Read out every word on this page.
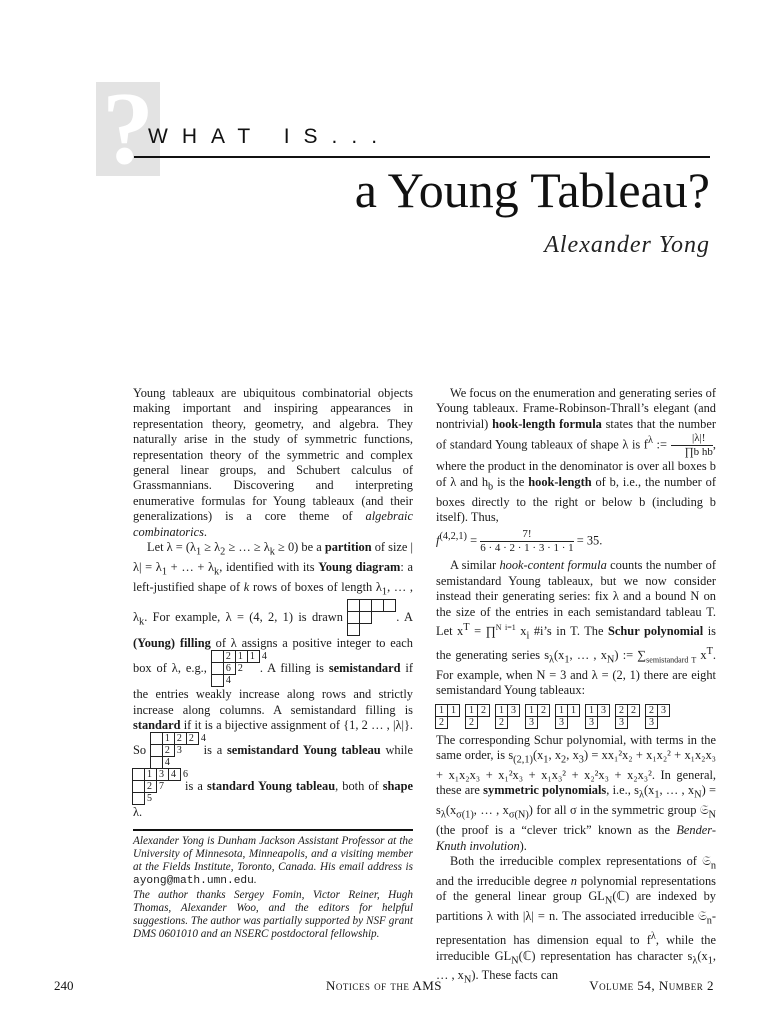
?
WHAT IS...
a Young Tableau?
Alexander Yong

Young tableaux are ubiquitous combinatorial objects making important and inspiring appearances in representation theory, geometry, and algebra. They naturally arise in the study of symmetric functions, representation theory of the symmetric and complex general linear groups, and Schubert calculus of Grassmannians. Discovering and interpreting enumerative formulas for Young tableaux (and their generalizations) is a core theme of algebraic combinatorics.

Let $\lambda = (\lambda_1 \ge \lambda_2$ ≥ … ≥ $\lambda_k \ge 0$) be a partition of size $|\lambda| = \lambda_1$ + … + $\lambda_k$, identified with its Young diagram: a left-justified shape of k rows of boxes of length $\lambda_1$, … , $\lambda_k$. For example, λ = (4, 2, 1) is drawn	. A (Young) filling of λ assigns a positive integer to each box of λ, e.g.,
2 1 1 4
6 2
4
. A filling is semistandard if the entries weakly increase along rows and strictly increase along columns. A semistandard filling is standard if it is a bijective assignment of {1, 2 … , |λ|}. So
1 2 2 4
2 3
4
is a semistandard Young tableau while
1 3 4 6
2 7
5
is a standard Young tableau, both of shape λ.

Alexander Yong is Dunham Jackson Assistant Professor at the University of Minnesota, Minneapolis, and a visiting member at the Fields Institute, Toronto, Canada. His email address is ayong@math.umn.edu.

The author thanks Sergey Fomin, Victor Reiner, Hugh Thomas, Alexander Woo, and the editors for helpful suggestions. The author was partially supported by NSF grant DMS 0601010 and an NSERC postdoctoral fellowship.

We focus on the enumeration and generating series of Young tableaux. Frame-Robinson-Thrall’s elegant (and nontrivial) hook-length formula states that the number of standard Young tableaux of shape λ is $f^\lambda$ := $\frac{|\lambda|!}{\text{∏b hb}}$ , where the product in the denominator is over all boxes b of λ and $h_b$ is the hook-length of b, i.e., the number of boxes directly to the right or below b (including b itself). Thus,

$f^{(4,2,1)} = \frac{7!}{6 \cdot 4 \cdot 2 \cdot 1 \cdot 3 \cdot 1 \cdot 1} = 35$.

A similar hook-content formula counts the number of semistandard Young tableaux, but we now consider instead their generating series: fix λ and a bound N on the size of the entries in each semistandard tableau T. Let $x^T$ = ∏$^{N i=1}$ $x_i$ #i’s in T. The Schur polynomial is the generating series $s_\lambda(x_1$, … , $x_N$) := $\sum_{semistandard T}$ $x^T$. For example, when N = 3 and λ = (2, 1) there are eight semistandard Young tableaux:

1 1
2
1 2
2
1 3
2
1 2
3
1 1
3
1 3
3
2 2
3
2 3
3

The corresponding Schur polynomial, with terms in the same order, is $s_{(2,1)}(x_1$, $x_2$, $x_3) = xx_1^2x_2 + x_1x_2^2 + x_1x_2x_3 + x_1x_2x_3 + x_1^2x_3 + x_1x_3^2 + x_2^2x_3 + x_2x_3^2$. In general, these are symmetric polynomials, i.e., $s_\lambda(x_1$, … , $x_N) = s_\lambda(x_{\sigma(1)}$, … , $x_{\sigma(N)}$) for all σ in the symmetric group 𝔖$_N$ (the proof is a “clever trick” known as the Bender-Knuth involution).

Both the irreducible complex representations of 𝔖$_n$ and the irreducible degree n polynomial representations of the general linear group $GL_N(ℂ)$ are indexed by partitions λ with |λ| = n. The associated irreducible 𝔖$_n$-representation has dimension equal to $f^\lambda$, while the irreducible $GL_N(ℂ)$ representation has character $s_\lambda(x_1$, … , $x_N$). These facts can

240	Notices of the AMS	Volume 54, Number 2
